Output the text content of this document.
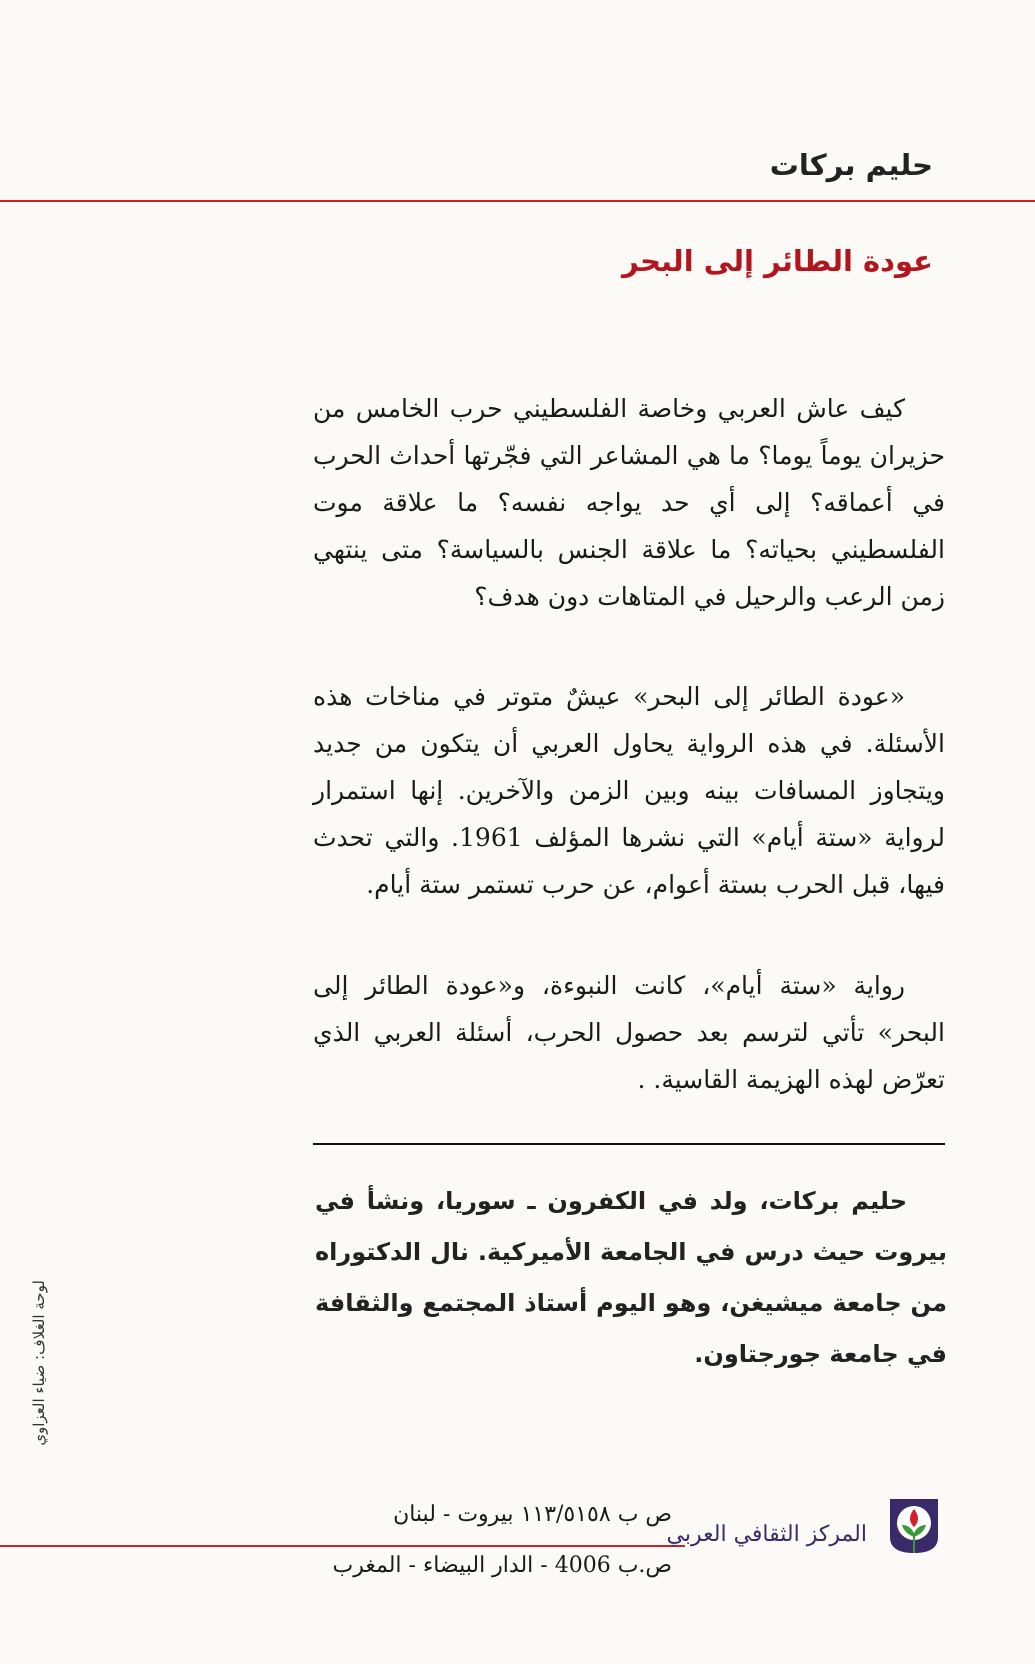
حليم بركات
عودة الطائر إلى البحر

كيف عاش العربي وخاصة الفلسطيني حرب الخامس من حزيران يوماً يوما؟ ما هي المشاعر التي فجّرتها أحداث الحرب في أعماقه؟ إلى أي حد يواجه نفسه؟ ما علاقة موت الفلسطيني بحياته؟ ما علاقة الجنس بالسياسة؟ متى ينتهي زمن الرعب والرحيل في المتاهات دون هدف؟

«عودة الطائر إلى البحر» عيشٌ متوتر في مناخات هذه الأسئلة. في هذه الرواية يحاول العربي أن يتكون من جديد ويتجاوز المسافات بينه وبين الزمن والآخرين. إنها استمرار لرواية «ستة أيام» التي نشرها المؤلف 1961. والتي تحدث فيها، قبل الحرب بستة أعوام، عن حرب تستمر ستة أيام.

رواية «ستة أيام»، كانت النبوءة، و«عودة الطائر إلى البحر» تأتي لترسم بعد حصول الحرب، أسئلة العربي الذي تعرّض لهذه الهزيمة القاسية. .

حليم بركات، ولد في الكفرون ـ سوريا، ونشأ في بيروت حيث درس في الجامعة الأميركية. نال الدكتوراه من جامعة ميشيغن، وهو اليوم أستاذ المجتمع والثقافة في جامعة جورجتاون.

لوحة الغلاف: ضياء العزاوي
ص ب ١١٣/٥١٥٨ بيروت - لبنان
ص.ب 4006 - الدار البيضاء - المغرب
المركز الثقافي العربي
